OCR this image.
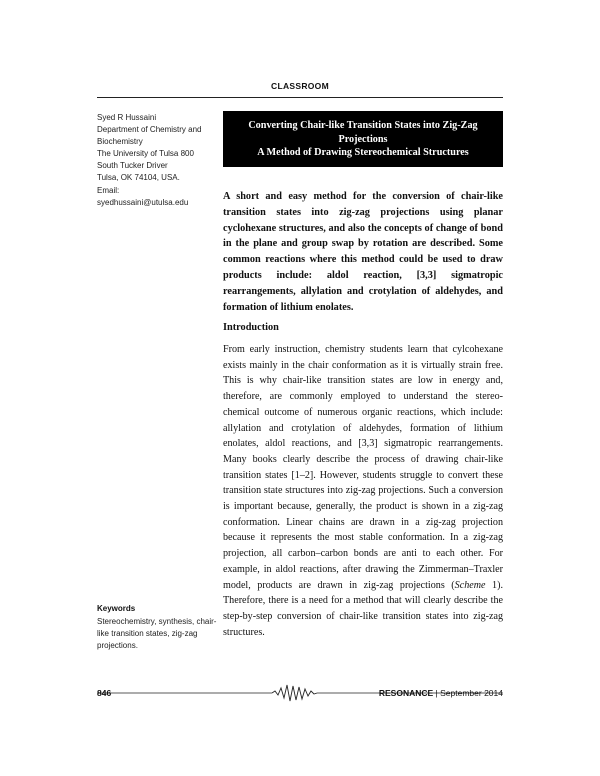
CLASSROOM
Syed R Hussaini
Department of Chemistry and
Biochemistry
The University of Tulsa 800
South Tucker Driver
Tulsa, OK 74104, USA.
Email:
syedhussaini@utulsa.edu
Converting Chair-like Transition States into Zig-Zag
Projections
A Method of Drawing Stereochemical Structures
A short and easy method for the conversion of chair-like transition states into zig-zag projections using planar cyclohexane structures, and also the concepts of change of bond in the plane and group swap by rotation are described. Some common reactions where this method could be used to draw products include: aldol reaction, [3,3] sigmatropic rearrangements, allylation and crotylation of aldehydes, and formation of lithium enolates.
Introduction
From early instruction, chemistry students learn that cylcohexane exists mainly in the chair conformation as it is virtually strain free. This is why chair-like transition states are low in energy and, therefore, are commonly employed to understand the stereo-chemical outcome of numerous organic reactions, which include: allylation and crotylation of aldehydes, formation of lithium enolates, aldol reactions, and [3,3] sigmatropic rearrangements. Many books clearly describe the process of drawing chair-like transition states [1–2]. However, students struggle to convert these transition state structures into zig-zag projections. Such a conversion is important because, generally, the product is shown in a zig-zag conformation. Linear chains are drawn in a zig-zag projection because it represents the most stable conformation. In a zig-zag projection, all carbon–carbon bonds are anti to each other. For example, in aldol reactions, after drawing the Zimmerman–Traxler model, products are drawn in zig-zag projections (Scheme 1). Therefore, there is a need for a method that will clearly describe the step-by-step conversion of chair-like transition states into zig-zag structures.
Keywords
Stereochemistry, synthesis, chair-like transition states, zig-zag projections.
846	RESONANCE | September 2014
